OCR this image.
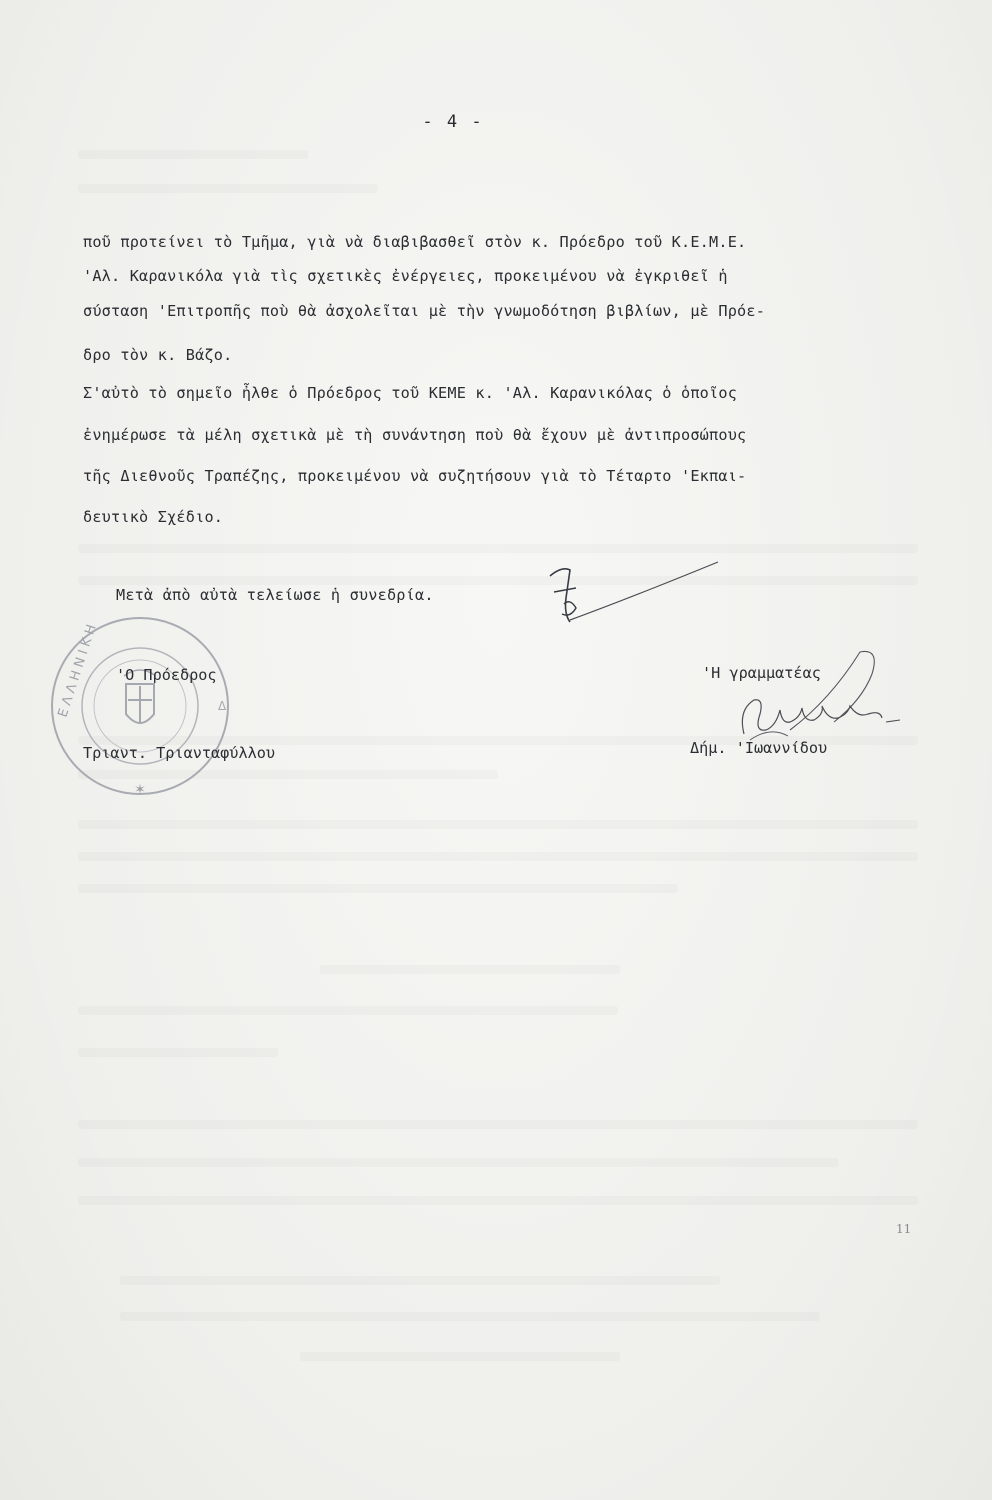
- 4 -
ποῦ προτείνει τὸ Τμῆμα, γιὰ νὰ διαβιβασθεῖ στὸν κ. Πρόεδρο τοῦ Κ.Ε.Μ.Ε.
'Αλ. Καρανικόλα γιὰ τὶς σχετικὲς ἐνέργειες, προκειμένου νὰ ἐγκριθεῖ ἡ
σύσταση 'Επιτροπῆς ποὺ θὰ ἀσχολεῖται μὲ τὴν γνωμοδότηση βιβλίων, μὲ Πρόε-
δρο τὸν κ. Βάζο.
Σ'αὐτὸ τὸ σημεῖο ἦλθε ὁ Πρόεδρος τοῦ ΚΕΜΕ κ. 'Αλ. Καρανικόλας ὁ ὁποῖος
ἐνημέρωσε τὰ μέλη σχετικὰ μὲ τὴ συνάντηση ποὺ θὰ ἔχουν μὲ ἀντιπροσώπους
τῆς Διεθνοῦς Τραπέζης, προκειμένου νὰ συζητήσουν γιὰ τὸ Τέταρτο 'Εκπαι-
δευτικὸ Σχέδιο.
Μετὰ ἀπὸ αὐτὰ τελείωσε ἡ συνεδρία.
Ε Λ Λ Η Ν Ι Κ Η
✶
Δ
'Ο Πρόεδρος
Τριαντ. Τριανταφύλλου
'Η γραμματέας
Δήμ. 'Ιωαννίδου
11
